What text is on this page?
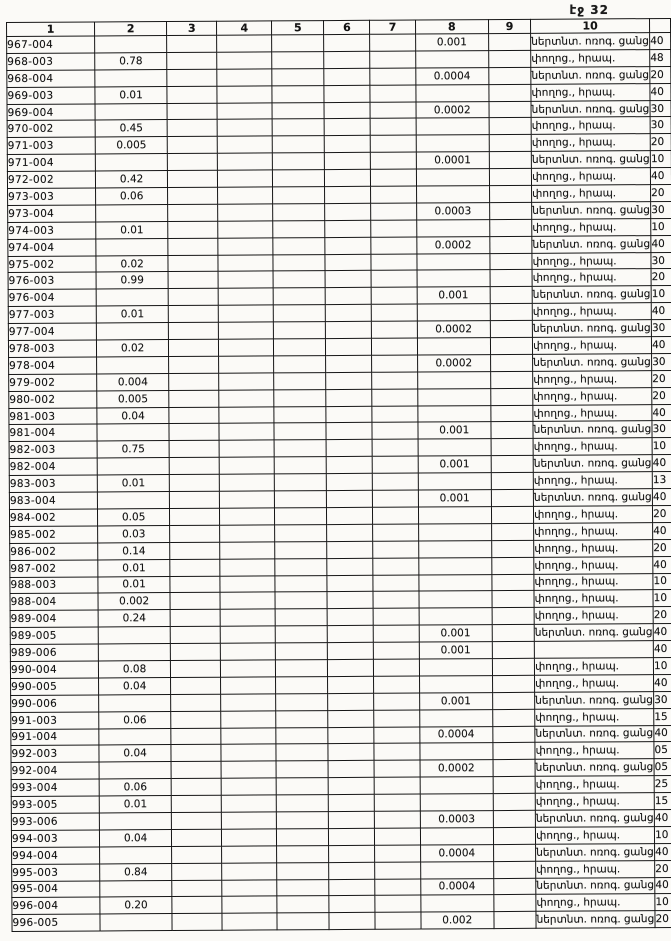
էջ 32
1	2	3	4	5	6	7	8	9	10	
967-004							0.001		ներտնտ. ոռոգ. ցանց	40
968-003	0.78								փողոց., հրապ.	48
968-004							0.0004		ներտնտ. ոռոգ. ցանց	20
969-003	0.01								փողոց., հրապ.	40
969-004							0.0002		ներտնտ. ոռոգ. ցանց	30
970-002	0.45								փողոց., հրապ.	30
971-003	0.005								փողոց., հրապ.	20
971-004							0.0001		ներտնտ. ոռոգ. ցանց	10
972-002	0.42								փողոց., հրապ.	40
973-003	0.06								փողոց., հրապ.	20
973-004							0.0003		ներտնտ. ոռոգ. ցանց	30
974-003	0.01								փողոց., հրապ.	10
974-004							0.0002		ներտնտ. ոռոգ. ցանց	40
975-002	0.02								փողոց., հրապ.	30
976-003	0.99								փողոց., հրապ.	20
976-004							0.001		ներտնտ. ոռոգ. ցանց	10
977-003	0.01								փողոց., հրապ.	40
977-004							0.0002		ներտնտ. ոռոգ. ցանց	30
978-003	0.02								փողոց., հրապ.	40
978-004							0.0002		ներտնտ. ոռոգ. ցանց	30
979-002	0.004								փողոց., հրապ.	20
980-002	0.005								փողոց., հրապ.	20
981-003	0.04								փողոց., հրապ.	40
981-004							0.001		ներտնտ. ոռոգ. ցանց	30
982-003	0.75								փողոց., հրապ.	10
982-004							0.001		ներտնտ. ոռոգ. ցանց	40
983-003	0.01								փողոց., հրապ.	13
983-004							0.001		ներտնտ. ոռոգ. ցանց	40
984-002	0.05								փողոց., հրապ.	20
985-002	0.03								փողոց., հրապ.	40
986-002	0.14								փողոց., հրապ.	20
987-002	0.01								փողոց., հրապ.	40
988-003	0.01								փողոց., հրապ.	10
988-004	0.002								փողոց., հրապ.	10
989-004	0.24								փողոց., հրապ.	20
989-005							0.001		ներտնտ. ոռոգ. ցանց	40
989-006							0.001			40
990-004	0.08								փողոց., հրապ.	10
990-005	0.04								փողոց., հրապ.	40
990-006							0.001		ներտնտ. ոռոգ. ցանց	30
991-003	0.06								փողոց., հրապ.	15
991-004							0.0004		ներտնտ. ոռոգ. ցանց	40
992-003	0.04								փողոց., հրապ.	05
992-004							0.0002		ներտնտ. ոռոգ. ցանց	05
993-004	0.06								փողոց., հրապ.	25
993-005	0.01								փողոց., հրապ.	15
993-006							0.0003		ներտնտ. ոռոգ. ցանց	40
994-003	0.04								փողոց., հրապ.	10
994-004							0.0004		ներտնտ. ոռոգ. ցանց	40
995-003	0.84								փողոց., հրապ.	20
995-004							0.0004		ներտնտ. ոռոգ. ցանց	40
996-004	0.20								փողոց., հրապ.	10
996-005							0.002		ներտնտ. ոռոգ. ցանց	20
